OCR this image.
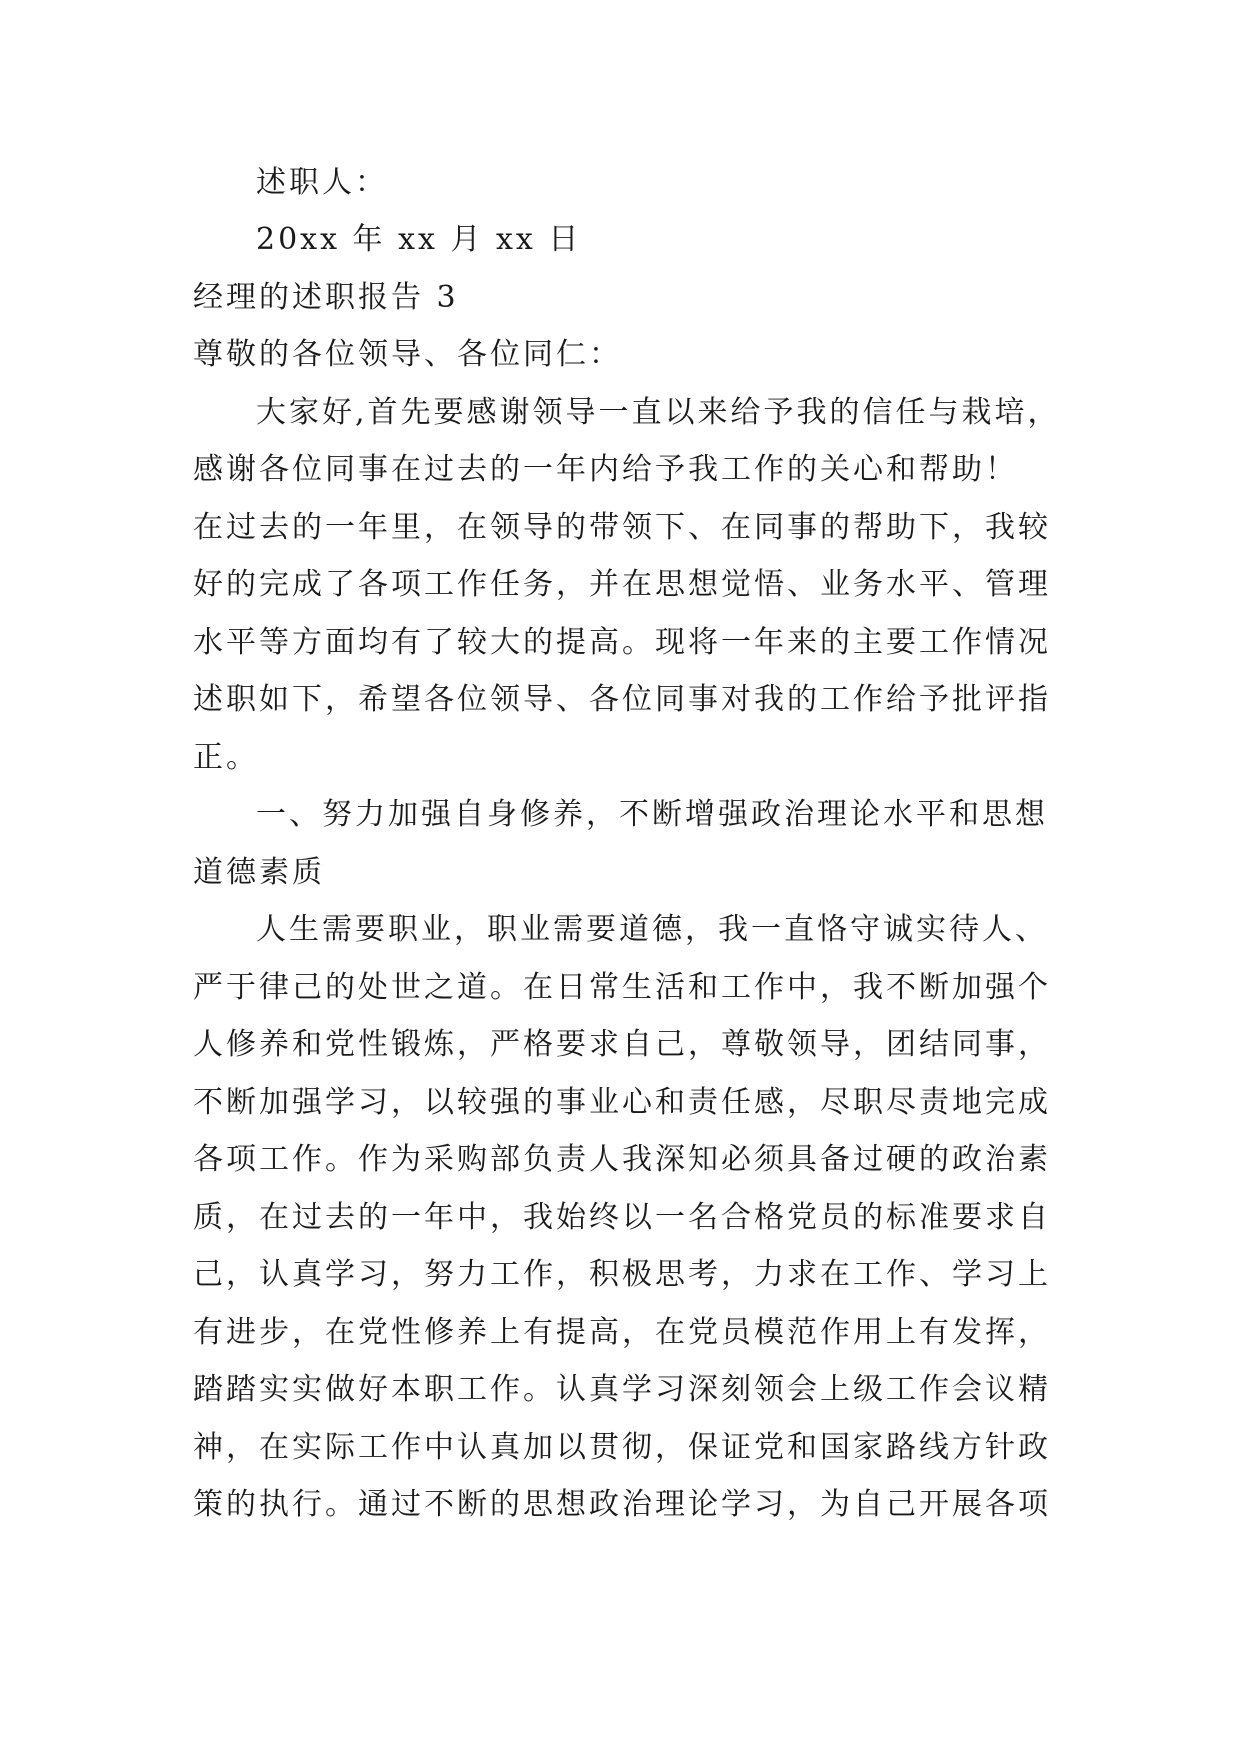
述职人：
20xx 年 xx 月 xx 日
经理的述职报告 3
尊敬的各位领导、各位同仁：
大家好,首先要感谢领导一直以来给予我的信任与栽培，
感谢各位同事在过去的一年内给予我工作的关心和帮助！
在过去的一年里，在领导的带领下、在同事的帮助下，我较
好的完成了各项工作任务，并在思想觉悟、业务水平、管理
水平等方面均有了较大的提高。现将一年来的主要工作情况
述职如下，希望各位领导、各位同事对我的工作给予批评指
正。
一、努力加强自身修养，不断增强政治理论水平和思想
道德素质
人生需要职业，职业需要道德，我一直恪守诚实待人、
严于律己的处世之道。在日常生活和工作中，我不断加强个
人修养和党性锻炼，严格要求自己，尊敬领导，团结同事，
不断加强学习，以较强的事业心和责任感，尽职尽责地完成
各项工作。作为采购部负责人我深知必须具备过硬的政治素
质，在过去的一年中，我始终以一名合格党员的标准要求自
己，认真学习，努力工作，积极思考，力求在工作、学习上
有进步，在党性修养上有提高，在党员模范作用上有发挥，
踏踏实实做好本职工作。认真学习深刻领会上级工作会议精
神，在实际工作中认真加以贯彻，保证党和国家路线方针政
策的执行。通过不断的思想政治理论学习，为自己开展各项
